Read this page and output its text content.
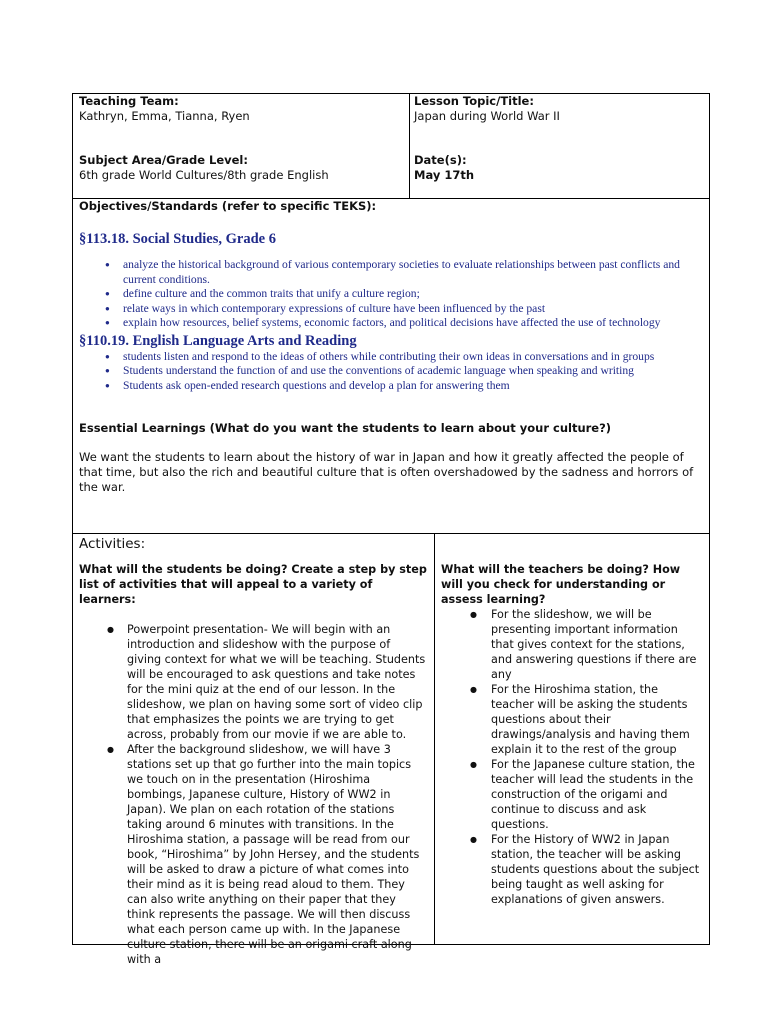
Teaching Team:
Kathryn, Emma, Tianna, Ryen
Subject Area/Grade Level:
6th grade World Cultures/8th grade English
Lesson Topic/Title:
Japan during World War II
Date(s):
May 17th
Objectives/Standards (refer to specific TEKS):
§113.18. Social Studies, Grade 6
● analyze the historical background of various contemporary societies to evaluate relationships between past conflicts and current conditions.
● define culture and the common traits that unify a culture region;
● relate ways in which contemporary expressions of culture have been influenced by the past
● explain how resources, belief systems, economic factors, and political decisions have affected the use of technology
§110.19. English Language Arts and Reading
● students listen and respond to the ideas of others while contributing their own ideas in conversations and in groups
● Students understand the function of and use the conventions of academic language when speaking and writing
● Students ask open-ended research questions and develop a plan for answering them
Essential Learnings (What do you want the students to learn about your culture?)

We want the students to learn about the history of war in Japan and how it greatly affected the people of that time, but also the rich and beautiful culture that is often overshadowed by the sadness and horrors of the war.

Activities:
What will the students be doing? Create a step by step list of activities that will appeal to a variety of learners:
● Powerpoint presentation- We will begin with an introduction and slideshow with the purpose of giving context for what we will be teaching. Students will be encouraged to ask questions and take notes for the mini quiz at the end of our lesson. In the slideshow, we plan on having some sort of video clip that emphasizes the points we are trying to get across, probably from our movie if we are able to.
● After the background slideshow, we will have 3 stations set up that go further into the main topics we touch on in the presentation (Hiroshima bombings, Japanese culture, History of WW2 in Japan). We plan on each rotation of the stations taking around 6 minutes with transitions. In the Hiroshima station, a passage will be read from our book, “Hiroshima” by John Hersey, and the students will be asked to draw a picture of what comes into their mind as it is being read aloud to them. They can also write anything on their paper that they think represents the passage. We will then discuss what each person came up with. In the Japanese culture station, there will be an origami craft along with a
What will the teachers be doing? How will you check for understanding or assess learning?
● For the slideshow, we will be presenting important information that gives context for the stations, and answering questions if there are any
● For the Hiroshima station, the teacher will be asking the students questions about their drawings/analysis and having them explain it to the rest of the group
● For the Japanese culture station, the teacher will lead the students in the construction of the origami and continue to discuss and ask questions.
● For the History of WW2 in Japan station, the teacher will be asking students questions about the subject being taught as well asking for explanations of given answers.
